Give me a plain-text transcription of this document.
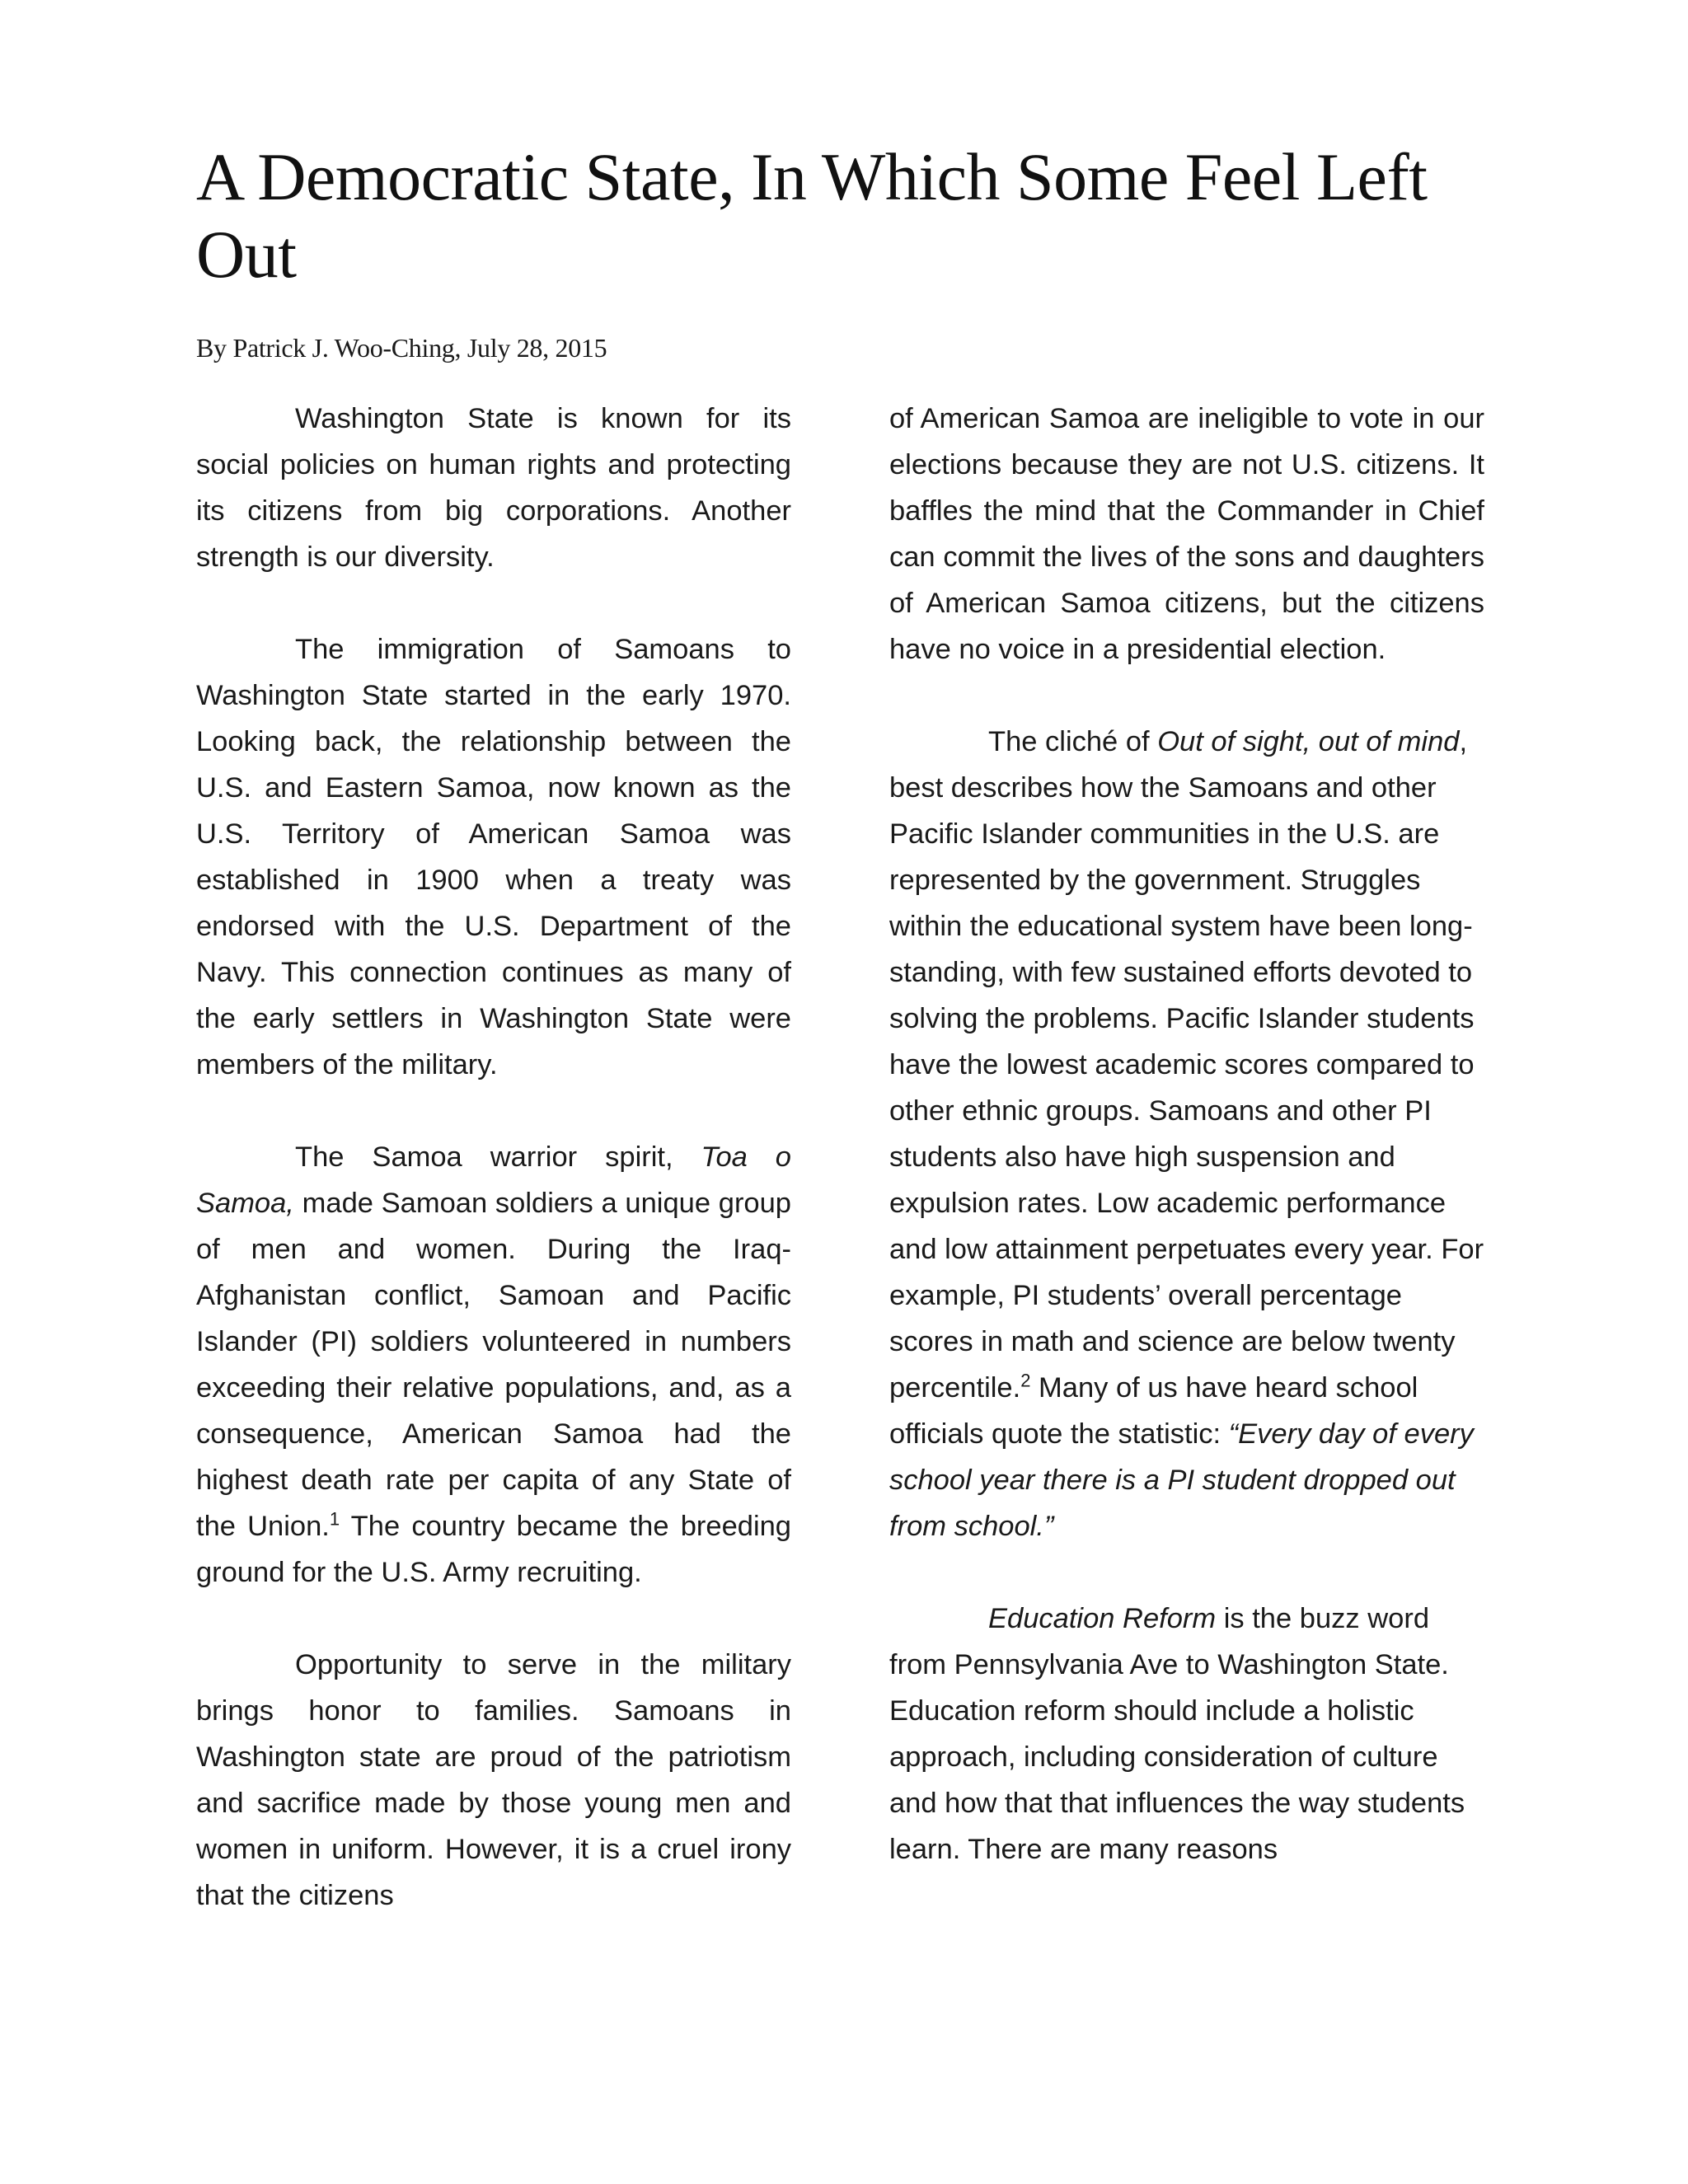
A Democratic State, In Which Some Feel Left Out
By Patrick J. Woo-Ching, July 28, 2015

Washington State is known for its social policies on human rights and protecting its citizens from big corporations. Another strength is our diversity.

The immigration of Samoans to Washington State started in the early 1970. Looking back, the relationship between the U.S. and Eastern Samoa, now known as the U.S. Territory of American Samoa was established in 1900 when a treaty was endorsed with the U.S. Department of the Navy. This connection continues as many of the early settlers in Washington State were members of the military.

The Samoa warrior spirit, Toa o Samoa, made Samoan soldiers a unique group of men and women. During the Iraq-Afghanistan conflict, Samoan and Pacific Islander (PI) soldiers volunteered in numbers exceeding their relative populations, and, as a consequence, American Samoa had the highest death rate per capita of any State of the Union.$^1$ The country became the breeding ground for the U.S. Army recruiting.

Opportunity to serve in the military brings honor to families. Samoans in Washington state are proud of the patriotism and sacrifice made by those young men and women in uniform. However, it is a cruel irony that the citizens

of American Samoa are ineligible to vote in our elections because they are not U.S. citizens. It baffles the mind that the Commander in Chief can commit the lives of the sons and daughters of American Samoa citizens, but the citizens have no voice in a presidential election.

The cliché of Out of sight, out of mind, best describes how the Samoans and other Pacific Islander communities in the U.S. are represented by the government. Struggles within the educational system have been long-standing, with few sustained efforts devoted to solving the problems. Pacific Islander students have the lowest academic scores compared to other ethnic groups. Samoans and other PI students also have high suspension and expulsion rates. Low academic performance and low attainment perpetuates every year. For example, PI students’ overall percentage scores in math and science are below twenty percentile.$^2$ Many of us have heard school officials quote the statistic: “Every day of every school year there is a PI student dropped out from school.”

Education Reform is the buzz word from Pennsylvania Ave to Washington State. Education reform should include a holistic approach, including consideration of culture and how that that influences the way students learn. There are many reasons
